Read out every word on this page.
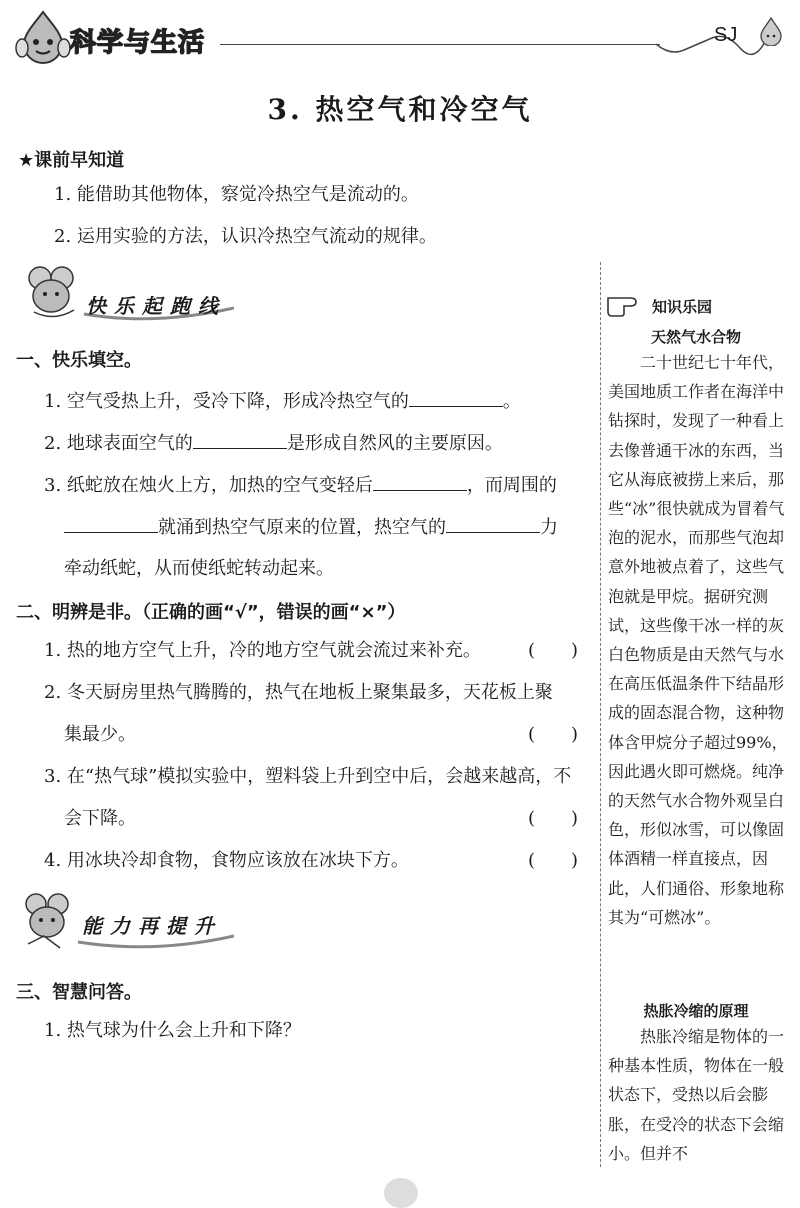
科学与生活	SJ
3. 热空气和冷空气
★课前早知道
1. 能借助其他物体，察觉冷热空气是流动的。
2. 运用实验的方法，认识冷热空气流动的规律。
快乐起跑线
一、快乐填空。
1. 空气受热上升，受冷下降，形成冷热空气的	。
2. 地球表面空气的	是形成自然风的主要原因。
3. 纸蛇放在烛火上方，加热的空气变轻后	，而周围的
就涌到热空气原来的位置，热空气的	力
牵动纸蛇，从而使纸蛇转动起来。
二、明辨是非。（正确的画“√”，错误的画“×”）
1. 热的地方空气上升，冷的地方空气就会流过来补充。	( )
2. 冬天厨房里热气腾腾的，热气在地板上聚集最多，天花板上聚
集最少。	( )
3. 在“热气球”模拟实验中，塑料袋上升到空中后，会越来越高，不
会下降。	( )
4. 用冰块冷却食物，食物应该放在冰块下方。	( )
能力再提升
三、智慧问答。
1. 热气球为什么会上升和下降？
知识乐园
天然气水合物
二十世纪七十年代，美国地质工作者在海洋中钻探时，发现了一种看上去像普通干冰的东西，当它从海底被捞上来后，那些“冰”很快就成为冒着气泡的泥水，而那些气泡却意外地被点着了，这些气泡就是甲烷。据研究测试，这些像干冰一样的灰白色物质是由天然气与水在高压低温条件下结晶形成的固态混合物，这种物体含甲烷分子超过99%，因此遇火即可燃烧。纯净的天然气水合物外观呈白色，形似冰雪，可以像固体酒精一样直接点，因此，人们通俗、形象地称其为“可燃冰”。
热胀冷缩的原理
热胀冷缩是物体的一种基本性质，物体在一般状态下，受热以后会膨胀，在受冷的状态下会缩小。但并不
